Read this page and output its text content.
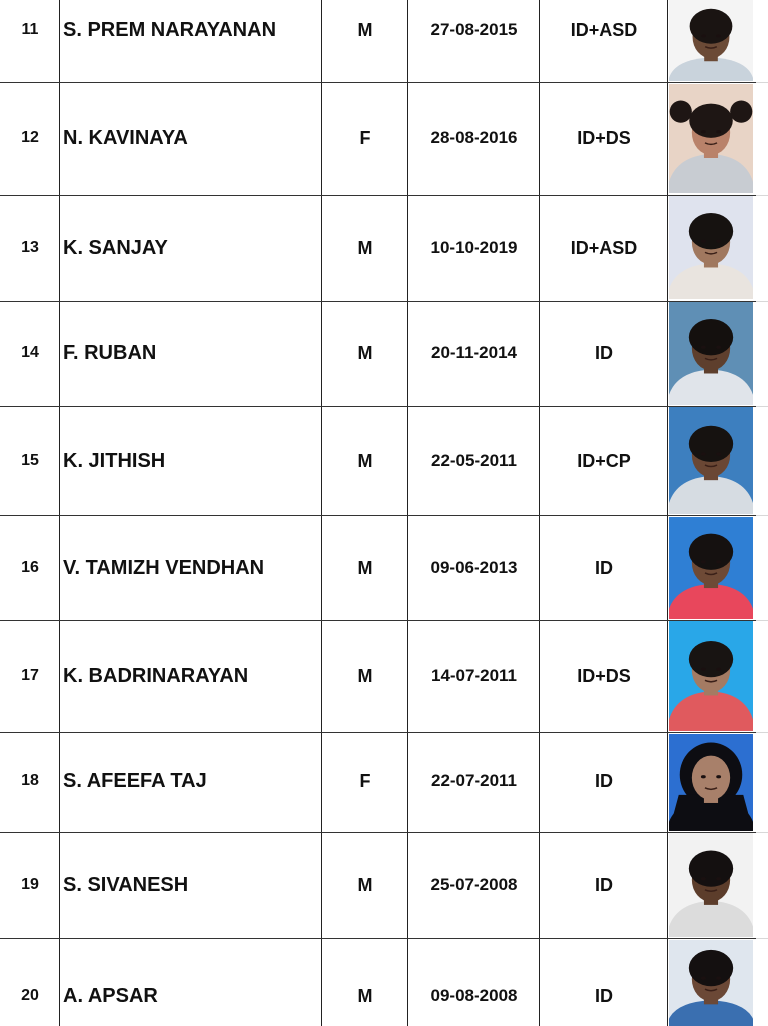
11	S. PREM NARAYANAN	M	27-08-2015	ID+ASD
12	N. KAVINAYA	F	28-08-2016	ID+DS
13	K. SANJAY	M	10-10-2019	ID+ASD
14	F. RUBAN	M	20-11-2014	ID
15	K. JITHISH	M	22-05-2011	ID+CP
16	V. TAMIZH VENDHAN	M	09-06-2013	ID
17	K. BADRINARAYAN	M	14-07-2011	ID+DS
18	S. AFEEFA TAJ	F	22-07-2011	ID
19	S. SIVANESH	M	25-07-2008	ID
20	A. APSAR	M	09-08-2008	ID
